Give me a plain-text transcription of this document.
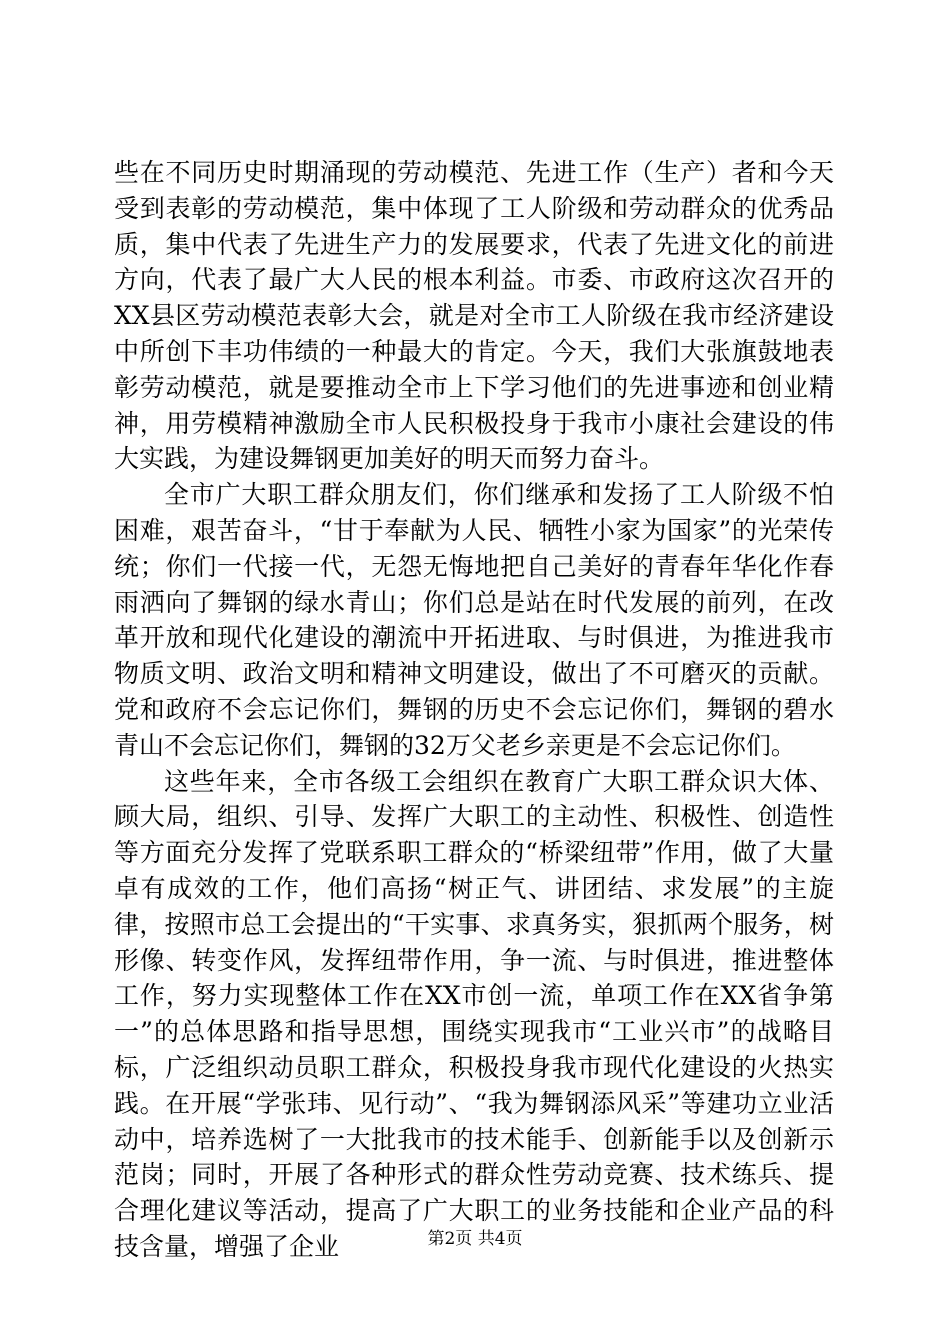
些在不同历史时期涌现的劳动模范、先进工作（生产）者和今天受到表彰的劳动模范，集中体现了工人阶级和劳动群众的优秀品质，集中代表了先进生产力的发展要求，代表了先进文化的前进方向，代表了最广大人民的根本利益。市委、市政府这次召开的XX县区劳动模范表彰大会，就是对全市工人阶级在我市经济建设中所创下丰功伟绩的一种最大的肯定。今天，我们大张旗鼓地表彰劳动模范，就是要推动全市上下学习他们的先进事迹和创业精神，用劳模精神激励全市人民积极投身于我市小康社会建设的伟大实践，为建设舞钢更加美好的明天而努力奋斗。

全市广大职工群众朋友们，你们继承和发扬了工人阶级不怕困难，艰苦奋斗，“甘于奉献为人民、牺牲小家为国家”的光荣传统；你们一代接一代，无怨无悔地把自己美好的青春年华化作春雨洒向了舞钢的绿水青山；你们总是站在时代发展的前列，在改革开放和现代化建设的潮流中开拓进取、与时俱进，为推进我市物质文明、政治文明和精神文明建设，做出了不可磨灭的贡献。党和政府不会忘记你们，舞钢的历史不会忘记你们，舞钢的碧水青山不会忘记你们，舞钢的32万父老乡亲更是不会忘记你们。

这些年来，全市各级工会组织在教育广大职工群众识大体、顾大局，组织、引导、发挥广大职工的主动性、积极性、创造性等方面充分发挥了党联系职工群众的“桥梁纽带”作用，做了大量卓有成效的工作，他们高扬“树正气、讲团结、求发展”的主旋律，按照市总工会提出的“干实事、求真务实，狠抓两个服务，树形像、转变作风，发挥纽带作用，争一流、与时俱进，推进整体工作，努力实现整体工作在XX市创一流，单项工作在XX省争第一”的总体思路和指导思想，围绕实现我市“工业兴市”的战略目标，广泛组织动员职工群众，积极投身我市现代化建设的火热实践。在开展“学张玮、见行动”、“我为舞钢添风采”等建功立业活动中，培养选树了一大批我市的技术能手、创新能手以及创新示范岗；同时，开展了各种形式的群众性劳动竞赛、技术练兵、提合理化建议等活动，提高了广大职工的业务技能和企业产品的科技含量，增强了企业	第2页 共4页
